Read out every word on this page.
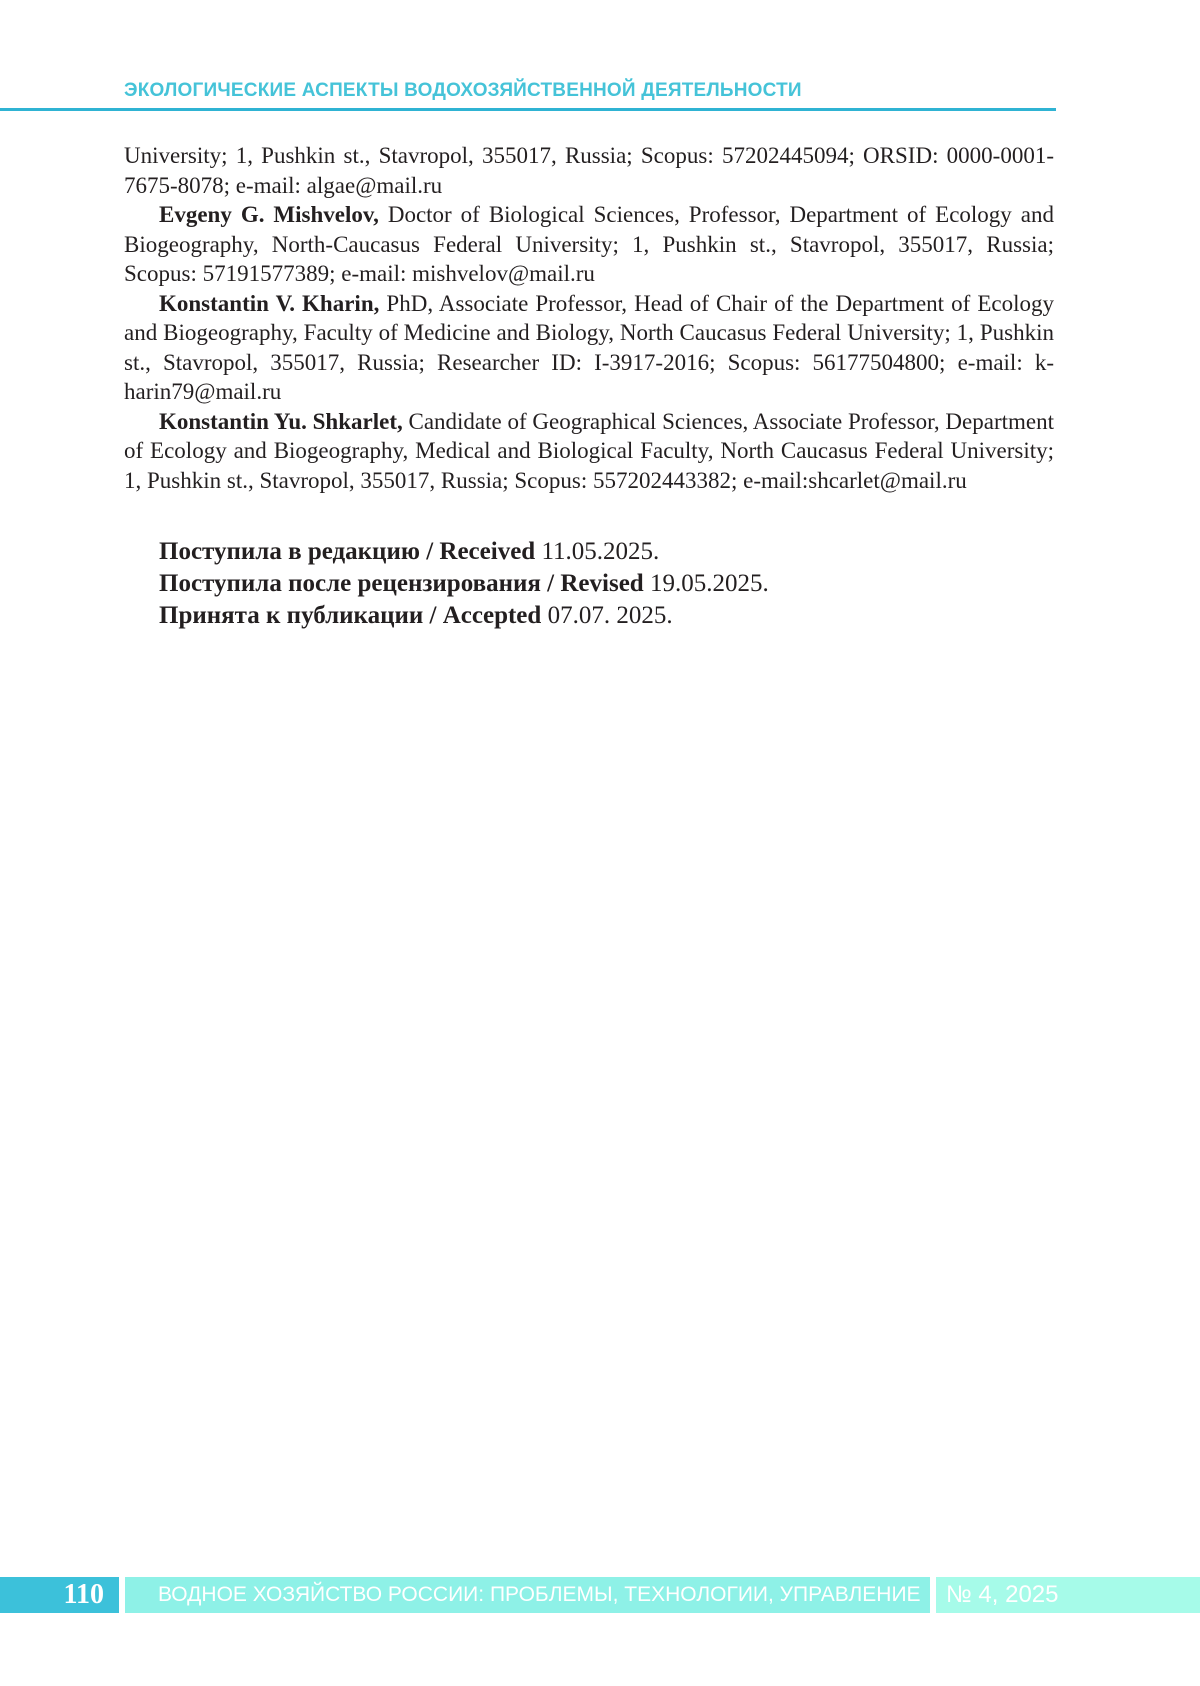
ЭКОЛОГИЧЕСКИЕ АСПЕКТЫ ВОДОХОЗЯЙСТВЕННОЙ ДЕЯТЕЛЬНОСТИ

University; 1, Pushkin st., Stavropol, 355017, Russia; Scopus: 57202445094; ORSID: 0000-0001-7675-8078; e-mail: algae@mail.ru

Evgeny G. Mishvelov, Doctor of Biological Sciences, Professor, Department of Ecology and Biogeography, North-Caucasus Federal University; 1, Pushkin st., Stavropol, 355017, Russia; Scopus: 57191577389; e-mail: mishvelov@mail.ru

Konstantin V. Kharin, PhD, Associate Professor, Head of Chair of the Department of Ecology and Biogeography, Faculty of Medicine and Biology, North Caucasus Federal University; 1, Pushkin st., Stavropol, 355017, Russia; Researcher ID: I-3917-2016; Scopus: 56177504800; e-mail: k-harin79@mail.ru

Konstantin Yu. Shkarlet, Candidate of Geographical Sciences, Associate Professor, Department of Ecology and Biogeography, Medical and Biological Faculty, North Caucasus Federal University; 1, Pushkin st., Stavropol, 355017, Russia; Scopus: 557202443382; e-mail:shcarlet@mail.ru

Поступила в редакцию / Received 11.05.2025.
Поступила после рецензирования / Revised 19.05.2025.
Принята к публикации / Accepted 07.07. 2025.
110	ВОДНОЕ ХОЗЯЙСТВО РОССИИ: ПРОБЛЕМЫ, ТЕХНОЛОГИИ, УПРАВЛЕНИЕ	№ 4, 2025
